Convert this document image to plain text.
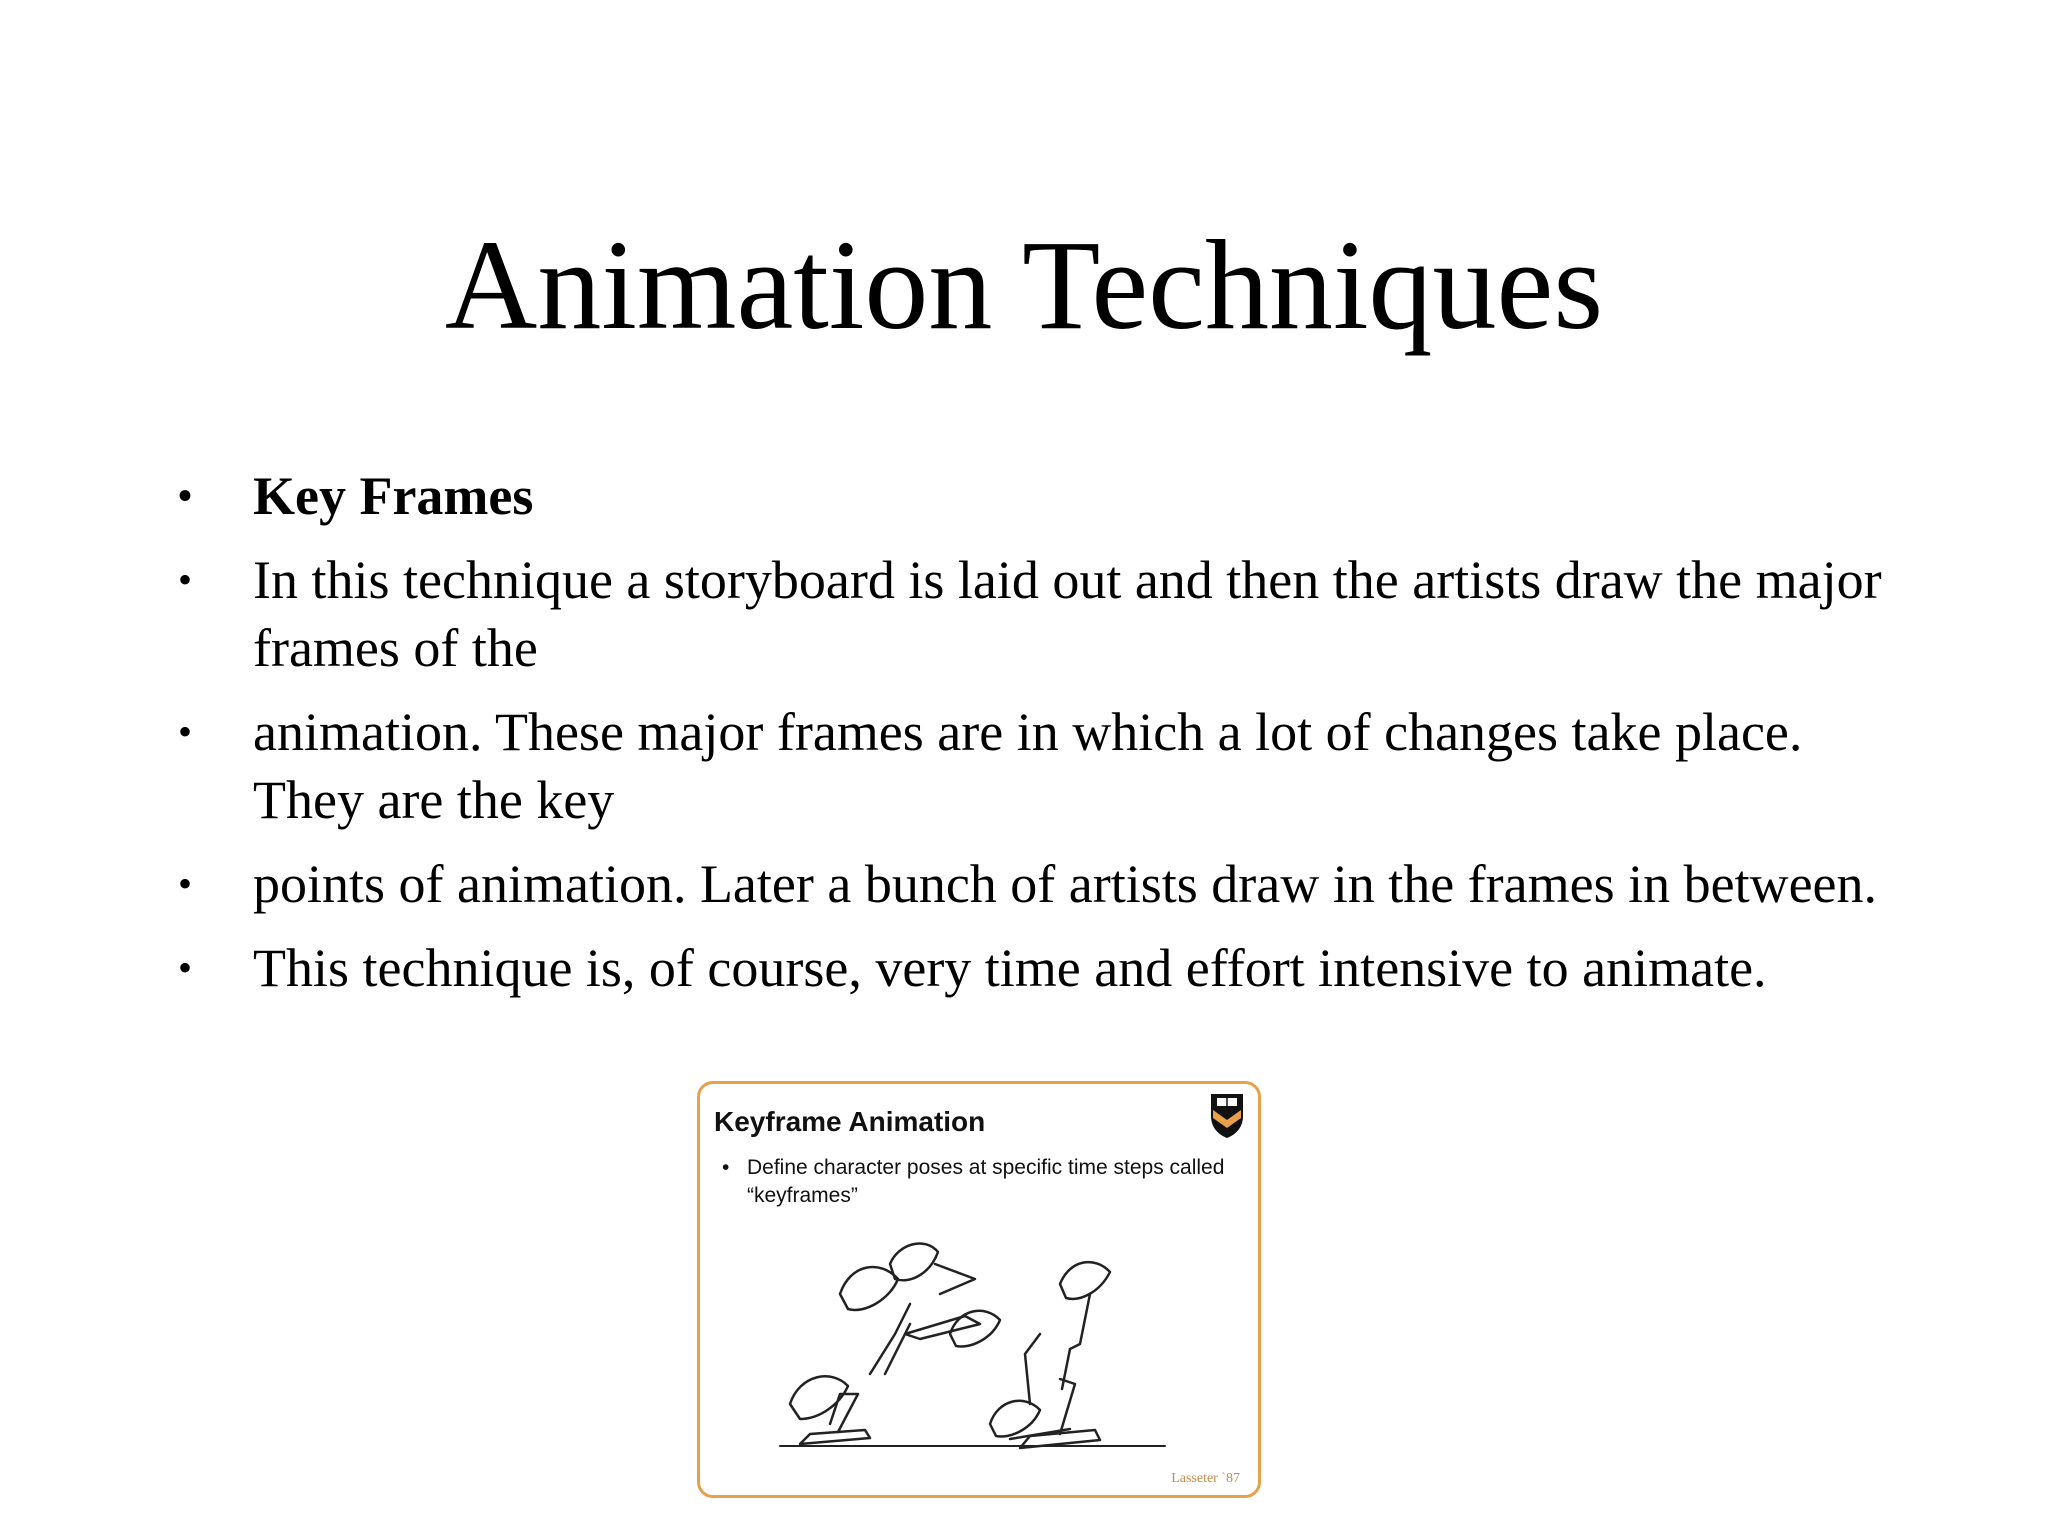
Animation Techniques
• Key Frames
• In this technique a storyboard is laid out and then the artists draw the major frames of the
• animation. These major frames are in which a lot of changes take place. They are the key
• points of animation. Later a bunch of artists draw in the frames in between.
• This technique is, of course, very time and effort intensive to animate.
Keyframe Animation
• Define character poses at specific time steps called “keyframes”
Lasseter `87
